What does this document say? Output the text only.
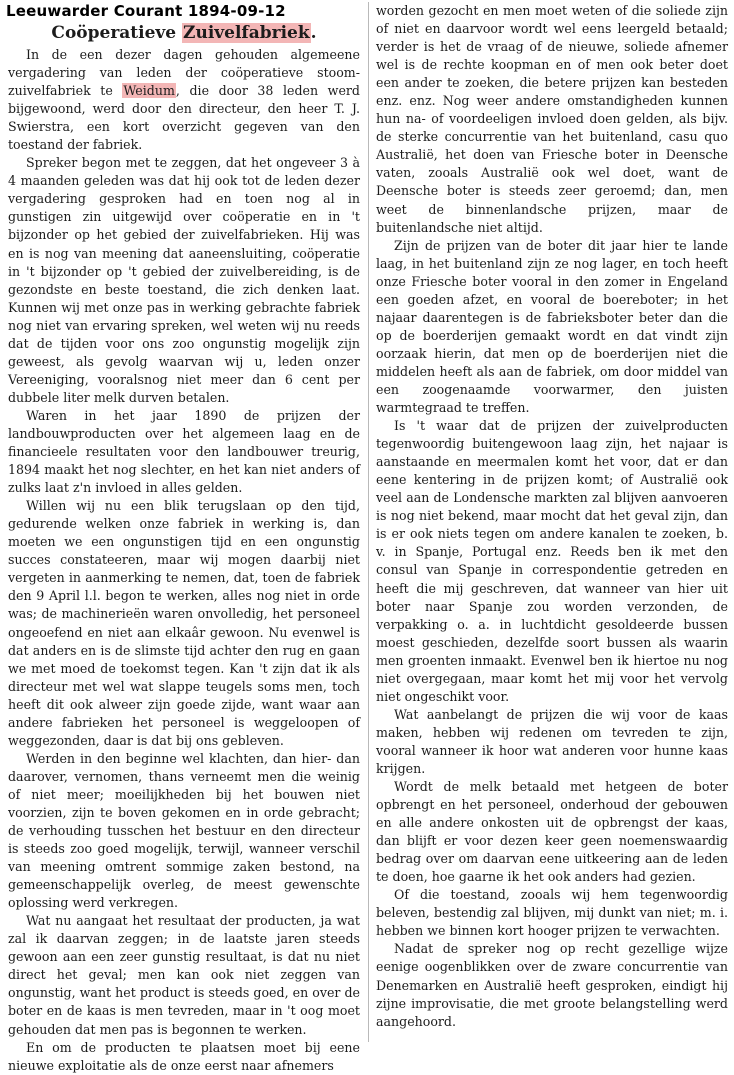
Leeuwarder Courant 1894-09-12
Coöperatieve Zuivelfabriek.

In de een dezer dagen gehouden algemeene vergadering van leden der coöperatieve stoom-zuivelfabriek te Weidum, die door 38 leden werd bijgewoond, werd door den directeur, den heer T. J. Swierstra, een kort overzicht gegeven van den toestand der fabriek.

Spreker begon met te zeggen, dat het ongeveer 3 à 4 maanden geleden was dat hij ook tot de leden dezer vergadering gesproken had en toen nog al in gunstigen zin uitgewijd over coöperatie en in 't bijzonder op het gebied der zuivelfabrieken. Hij was en is nog van meening dat aaneensluiting, coöperatie in 't bijzonder op 't gebied der zuivelbereiding, is de gezondste en beste toestand, die zich denken laat. Kunnen wij met onze pas in werking gebrachte fabriek nog niet van ervaring spreken, wel weten wij nu reeds dat de tijden voor ons zoo ongunstig mogelijk zijn geweest, als gevolg waarvan wij u, leden onzer Vereeniging, vooralsnog niet meer dan 6 cent per dubbele liter melk durven betalen.

Waren in het jaar 1890 de prijzen der landbouwproducten over het algemeen laag en de financieele resultaten voor den landbouwer treurig, 1894 maakt het nog slechter, en het kan niet anders of zulks laat z'n invloed in alles gelden.

Willen wij nu een blik terugslaan op den tijd, gedurende welken onze fabriek in werking is, dan moeten we een ongunstigen tijd en een ongunstig succes constateeren, maar wij mogen daarbij niet vergeten in aanmerking te nemen, dat, toen de fabriek den 9 April l.l. begon te werken, alles nog niet in orde was; de machinerieën waren onvolledig, het personeel ongeoefend en niet aan elkaâr gewoon. Nu evenwel is dat anders en is de slimste tijd achter den rug en gaan we met moed de toekomst tegen. Kan 't zijn dat ik als directeur met wel wat slappe teugels soms men, toch heeft dit ook alweer zijn goede zijde, want waar aan andere fabrieken het personeel is weggeloopen of weggezonden, daar is dat bij ons gebleven.

Werden in den beginne wel klachten, dan hier- dan daarover, vernomen, thans verneemt men die weinig of niet meer; moeilijkheden bij het bouwen niet voorzien, zijn te boven gekomen en in orde gebracht; de verhouding tusschen het bestuur en den directeur is steeds zoo goed mogelijk, terwijl, wanneer verschil van meening omtrent sommige zaken bestond, na gemeenschappelijk overleg, de meest gewenschte oplossing werd verkregen.

Wat nu aangaat het resultaat der producten, ja wat zal ik daarvan zeggen; in de laatste jaren steeds gewoon aan een zeer gunstig resultaat, is dat nu niet direct het geval; men kan ook niet zeggen van ongunstig, want het product is steeds goed, en over de boter en de kaas is men tevreden, maar in 't oog moet gehouden dat men pas is begonnen te werken.

En om de producten te plaatsen moet bij eene nieuwe exploitatie als de onze eerst naar afnemers

worden gezocht en men moet weten of die soliede zijn of niet en daarvoor wordt wel eens leergeld betaald; verder is het de vraag of de nieuwe, soliede afnemer wel is de rechte koopman en of men ook beter doet een ander te zoeken, die betere prijzen kan besteden enz. enz. Nog weer andere omstandigheden kunnen hun na- of voordeeligen invloed doen gelden, als bijv. de sterke concurrentie van het buitenland, casu quo Australië, het doen van Friesche boter in Deensche vaten, zooals Australië ook wel doet, want de Deensche boter is steeds zeer geroemd; dan, men weet de binnenlandsche prijzen, maar de buitenlandsche niet altijd.

Zijn de prijzen van de boter dit jaar hier te lande laag, in het buitenland zijn ze nog lager, en toch heeft onze Friesche boter vooral in den zomer in Engeland een goeden afzet, en vooral de boereboter; in het najaar daarentegen is de fabrieksboter beter dan die op de boerderijen gemaakt wordt en dat vindt zijn oorzaak hierin, dat men op de boerderijen niet die middelen heeft als aan de fabriek, om door middel van een zoogenaamde voorwarmer, den juisten warmtegraad te treffen.

Is 't waar dat de prijzen der zuivelproducten tegenwoordig buitengewoon laag zijn, het najaar is aanstaande en meermalen komt het voor, dat er dan eene kentering in de prijzen komt; of Australië ook veel aan de Londensche markten zal blijven aanvoeren is nog niet bekend, maar mocht dat het geval zijn, dan is er ook niets tegen om andere kanalen te zoeken, b. v. in Spanje, Portugal enz. Reeds ben ik met den consul van Spanje in correspondentie getreden en heeft die mij geschreven, dat wanneer van hier uit boter naar Spanje zou worden verzonden, de verpakking o. a. in luchtdicht gesoldeerde bussen moest geschieden, dezelfde soort bussen als waarin men groenten inmaakt. Evenwel ben ik hiertoe nu nog niet overgegaan, maar komt het mij voor het vervolg niet ongeschikt voor.

Wat aanbelangt de prijzen die wij voor de kaas maken, hebben wij redenen om tevreden te zijn, vooral wanneer ik hoor wat anderen voor hunne kaas krijgen.

Wordt de melk betaald met hetgeen de boter opbrengt en het personeel, onderhoud der gebouwen en alle andere onkosten uit de opbrengst der kaas, dan blijft er voor dezen keer geen noemenswaardig bedrag over om daarvan eene uitkeering aan de leden te doen, hoe gaarne ik het ook anders had gezien.

Of die toestand, zooals wij hem tegenwoordig beleven, bestendig zal blijven, mij dunkt van niet; m. i. hebben we binnen kort hooger prijzen te verwachten.

Nadat de spreker nog op recht gezellige wijze eenige oogenblikken over de zware concurrentie van Denemarken en Australië heeft gesproken, eindigt hij zijne improvisatie, die met groote belangstelling werd aangehoord.
